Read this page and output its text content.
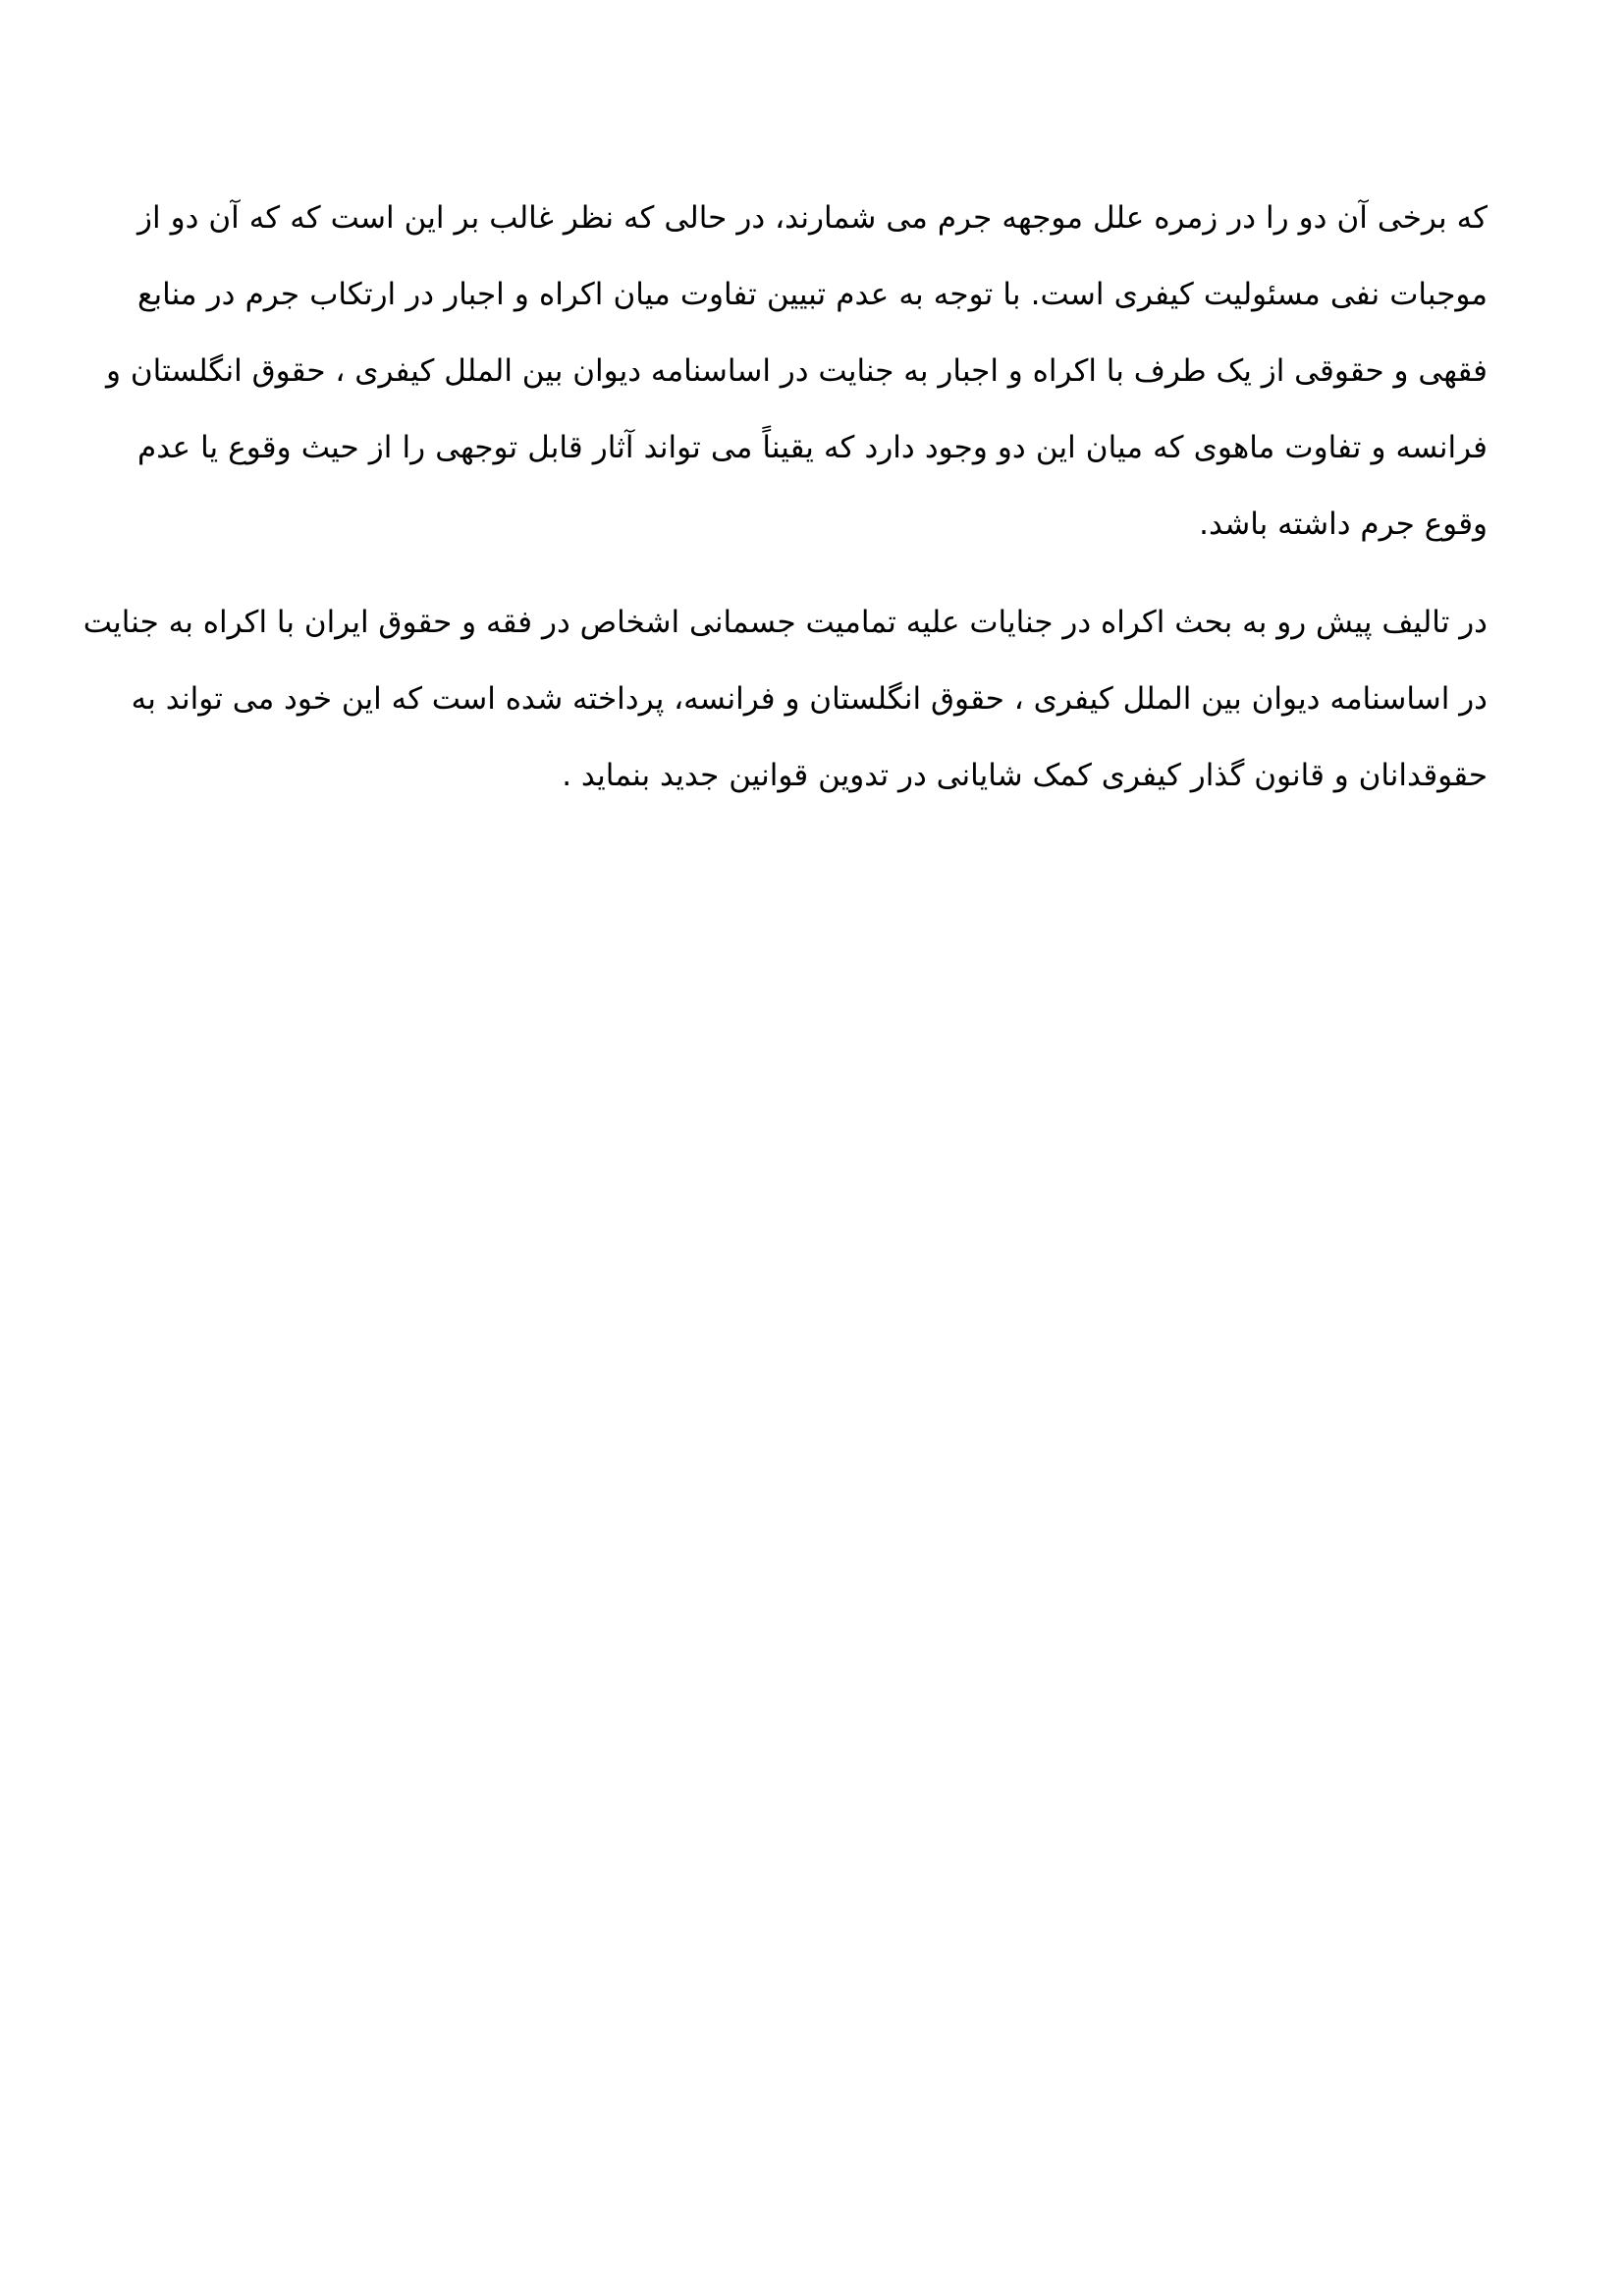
که برخی آن دو را در زمره علل موجهه جرم می شمارند، در حالی که نظر غالب بر این است که که آن دو از
موجبات نفی مسئولیت کیفری است. با توجه به عدم تبیین تفاوت میان اکراه و اجبار در ارتکاب جرم در منابع
فقهی و حقوقی از یک طرف با اکراه و اجبار به جنایت در اساسنامه دیوان بین الملل کیفری ، حقوق انگلستان و
فرانسه و تفاوت ماهوی که میان این دو وجود دارد که یقیناً می تواند آثار قابل توجهی را از حیث وقوع یا عدم
وقوع جرم داشته باشد.
در تالیف پیش رو به بحث اکراه در جنایات علیه تمامیت جسمانی اشخاص در فقه و حقوق ایران با اکراه به جنایت
در اساسنامه دیوان بین الملل کیفری ، حقوق انگلستان و فرانسه، پرداخته شده است که این خود می تواند به
حقوقدانان و قانون گذار کیفری کمک شایانی در تدوین قوانین جدید بنماید .
